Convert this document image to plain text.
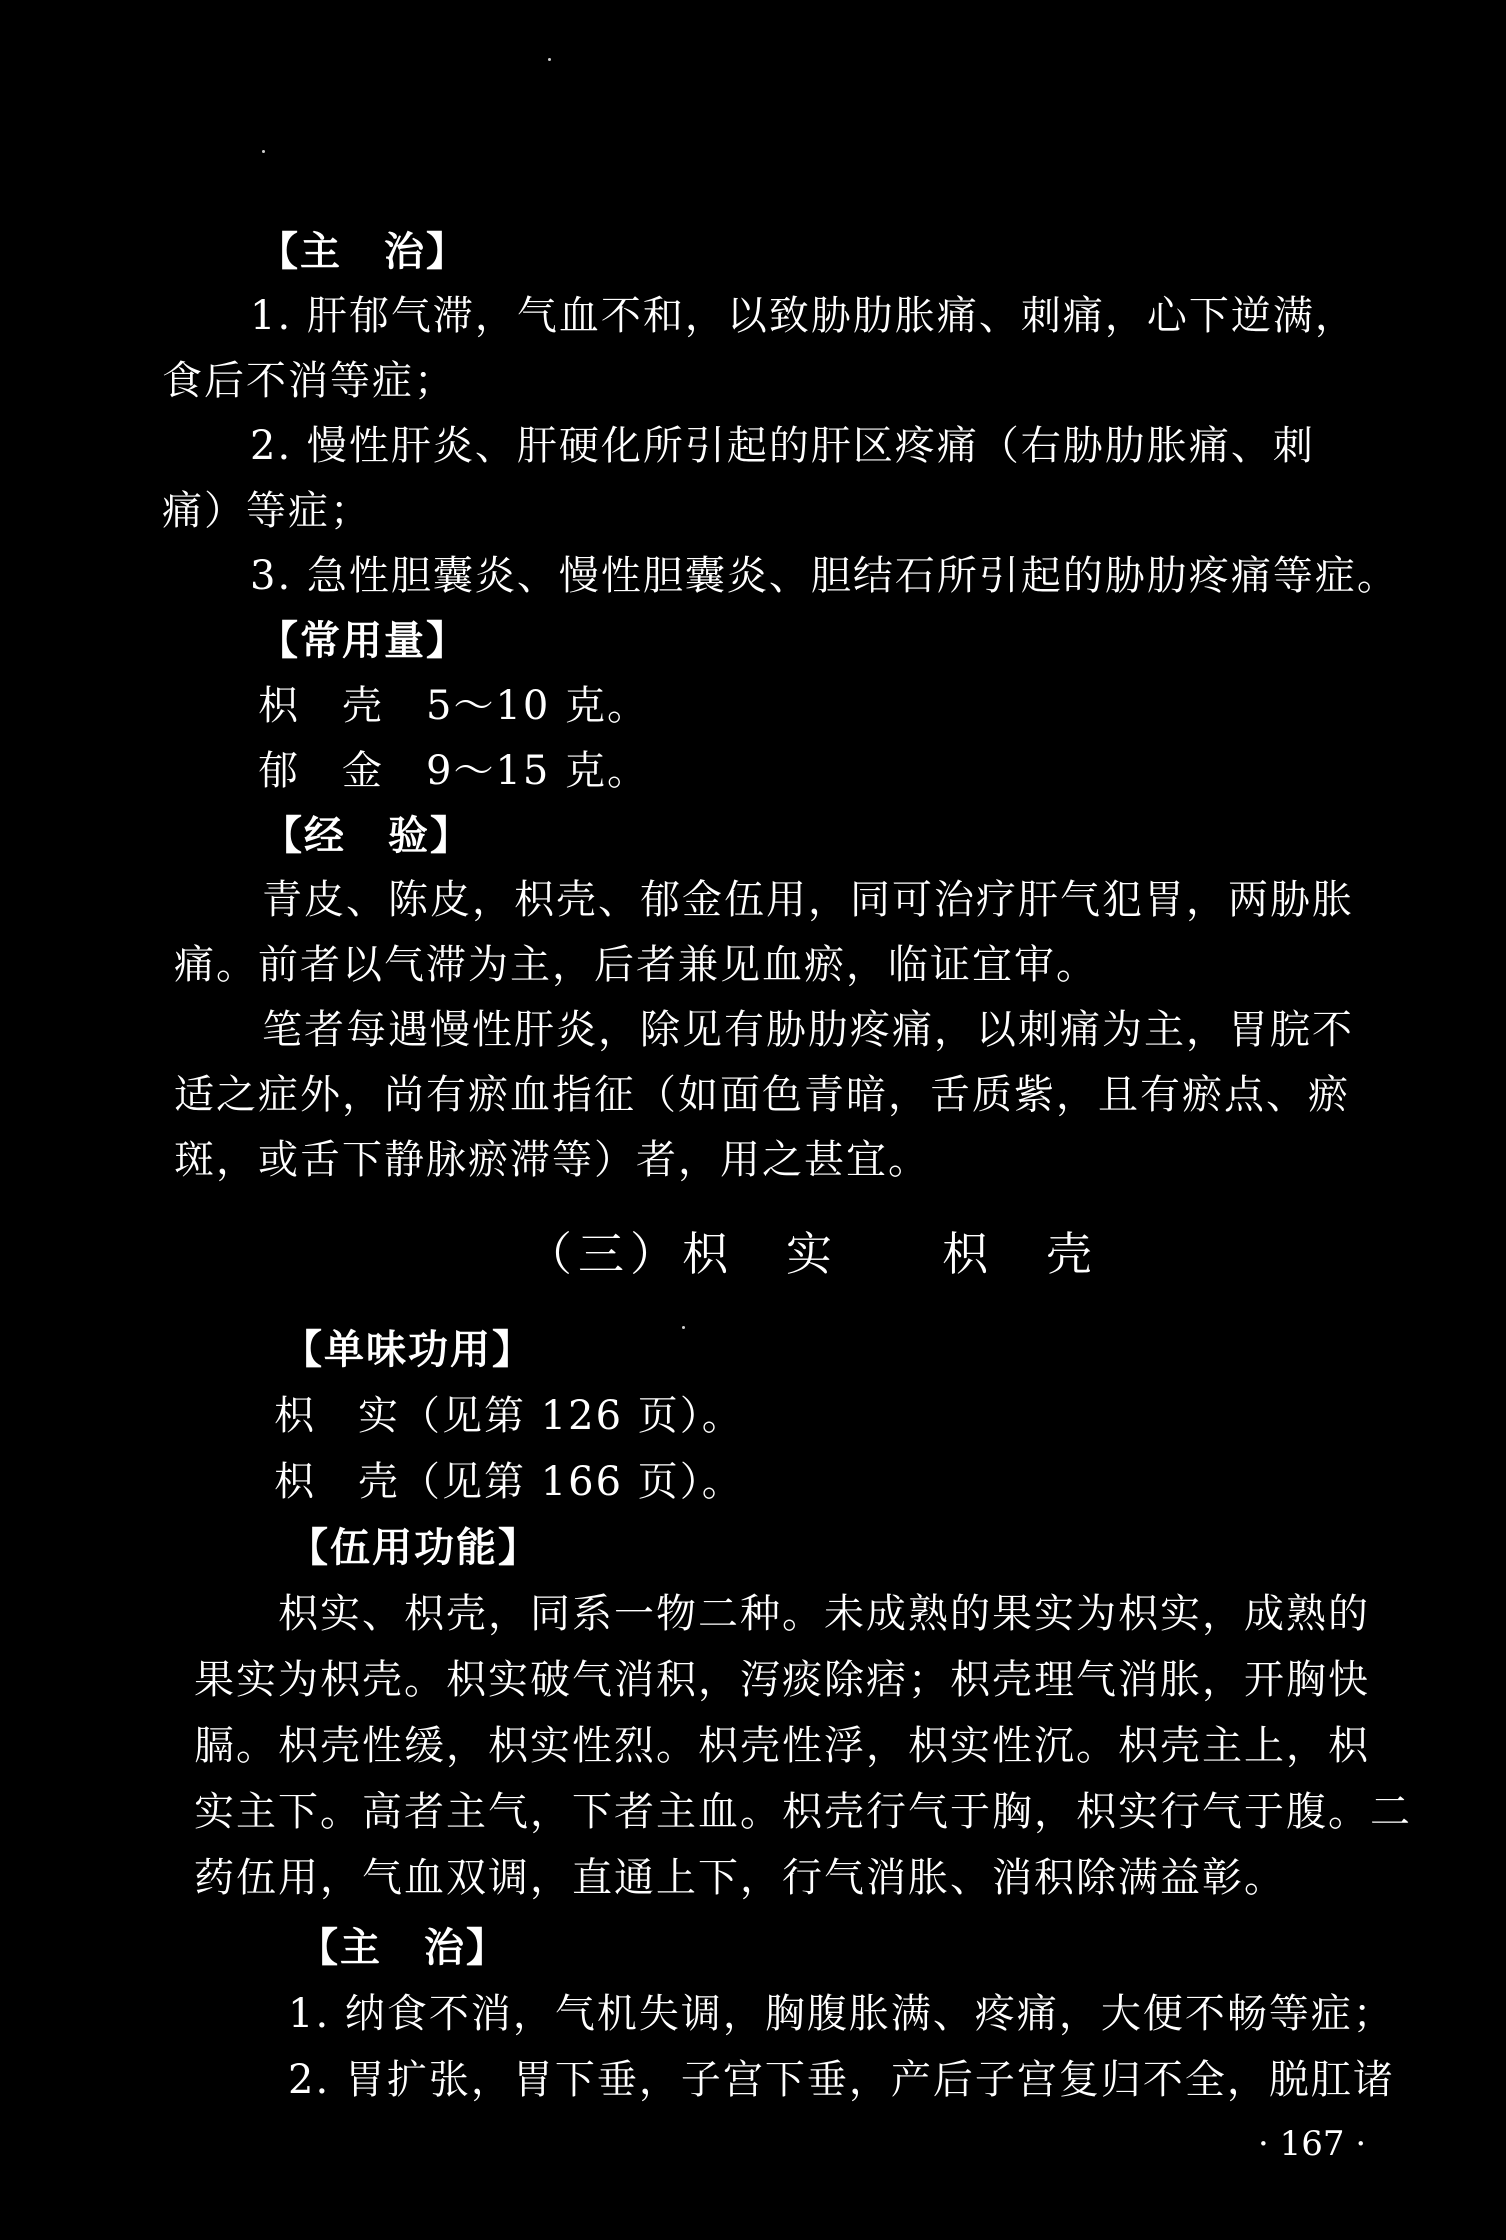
【主　治】
1. 肝郁气滞，气血不和，以致胁肋胀痛、刺痛，心下逆满，
食后不消等症；
2. 慢性肝炎、肝硬化所引起的肝区疼痛（右胁肋胀痛、刺
痛）等症；
3. 急性胆囊炎、慢性胆囊炎、胆结石所引起的胁肋疼痛等症。
【常用量】
枳　壳　5～10 克。
郁　金　9～15 克。
【经　验】
青皮、陈皮，枳壳、郁金伍用，同可治疗肝气犯胃，两胁胀
痛。前者以气滞为主，后者兼见血瘀，临证宜审。
笔者每遇慢性肝炎，除见有胁肋疼痛，以刺痛为主，胃脘不
适之症外，尚有瘀血指征（如面色青暗，舌质紫，且有瘀点、瘀
斑，或舌下静脉瘀滞等）者，用之甚宜。
（三）枳　实　　枳　壳
【单味功用】
枳　实（见第 126 页）。
枳　壳（见第 166 页）。
【伍用功能】
枳实、枳壳，同系一物二种。未成熟的果实为枳实，成熟的
果实为枳壳。枳实破气消积，泻痰除痞；枳壳理气消胀，开胸快
膈。枳壳性缓，枳实性烈。枳壳性浮，枳实性沉。枳壳主上，枳
实主下。高者主气，下者主血。枳壳行气于胸，枳实行气于腹。二
药伍用，气血双调，直通上下，行气消胀、消积除满益彰。
【主　治】
1. 纳食不消，气机失调，胸腹胀满、疼痛，大便不畅等症；
2. 胃扩张，胃下垂，子宫下垂，产后子宫复归不全，脱肛诸
· 167 ·
